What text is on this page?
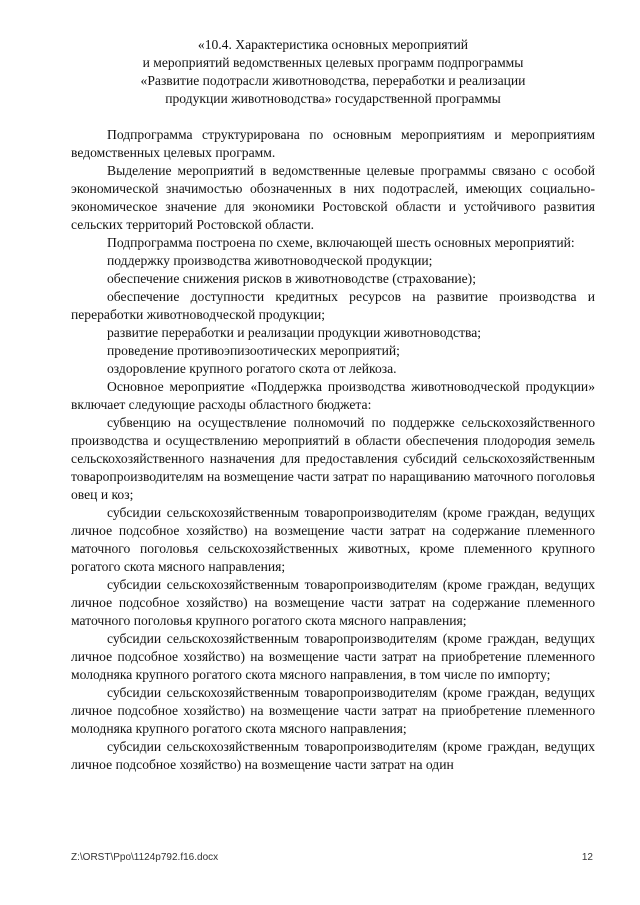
«10.4. Характеристика основных мероприятий
и мероприятий ведомственных целевых программ подпрограммы
«Развитие подотрасли животноводства, переработки и реализации
продукции животноводства» государственной программы

Подпрограмма структурирована по основным мероприятиям и мероприятиям ведомственных целевых программ.

Выделение мероприятий в ведомственные целевые программы связано с особой экономической значимостью обозначенных в них подотраслей, имеющих социально-экономическое значение для экономики Ростовской области и устойчивого развития сельских территорий Ростовской области.

Подпрограмма построена по схеме, включающей шесть основных мероприятий:

поддержку производства животноводческой продукции;

обеспечение снижения рисков в животноводстве (страхование);

обеспечение доступности кредитных ресурсов на развитие производства и переработки животноводческой продукции;

развитие переработки и реализации продукции животноводства;

проведение противоэпизоотических мероприятий;

оздоровление крупного рогатого скота от лейкоза.

Основное мероприятие «Поддержка производства животноводческой продукции» включает следующие расходы областного бюджета:

субвенцию на осуществление полномочий по поддержке сельскохозяйственного производства и осуществлению мероприятий в области обеспечения плодородия земель сельскохозяйственного назначения для предоставления субсидий сельскохозяйственным товаропроизводителям на возмещение части затрат по наращиванию маточного поголовья овец и коз;

субсидии сельскохозяйственным товаропроизводителям (кроме граждан, ведущих личное подсобное хозяйство) на возмещение части затрат на содержание племенного маточного поголовья сельскохозяйственных животных, кроме племенного крупного рогатого скота мясного направления;

субсидии сельскохозяйственным товаропроизводителям (кроме граждан, ведущих личное подсобное хозяйство) на возмещение части затрат на содержание племенного маточного поголовья крупного рогатого скота мясного направления;

субсидии сельскохозяйственным товаропроизводителям (кроме граждан, ведущих личное подсобное хозяйство) на возмещение части затрат на приобретение племенного молодняка крупного рогатого скота мясного направления, в том числе по импорту;

субсидии сельскохозяйственным товаропроизводителям (кроме граждан, ведущих личное подсобное хозяйство) на возмещение части затрат на приобретение племенного молодняка крупного рогатого скота мясного направления;

субсидии сельскохозяйственным товаропроизводителям (кроме граждан, ведущих личное подсобное хозяйство) на возмещение части затрат на один

Z:\ORST\Ppo\1124p792.f16.docx	12
